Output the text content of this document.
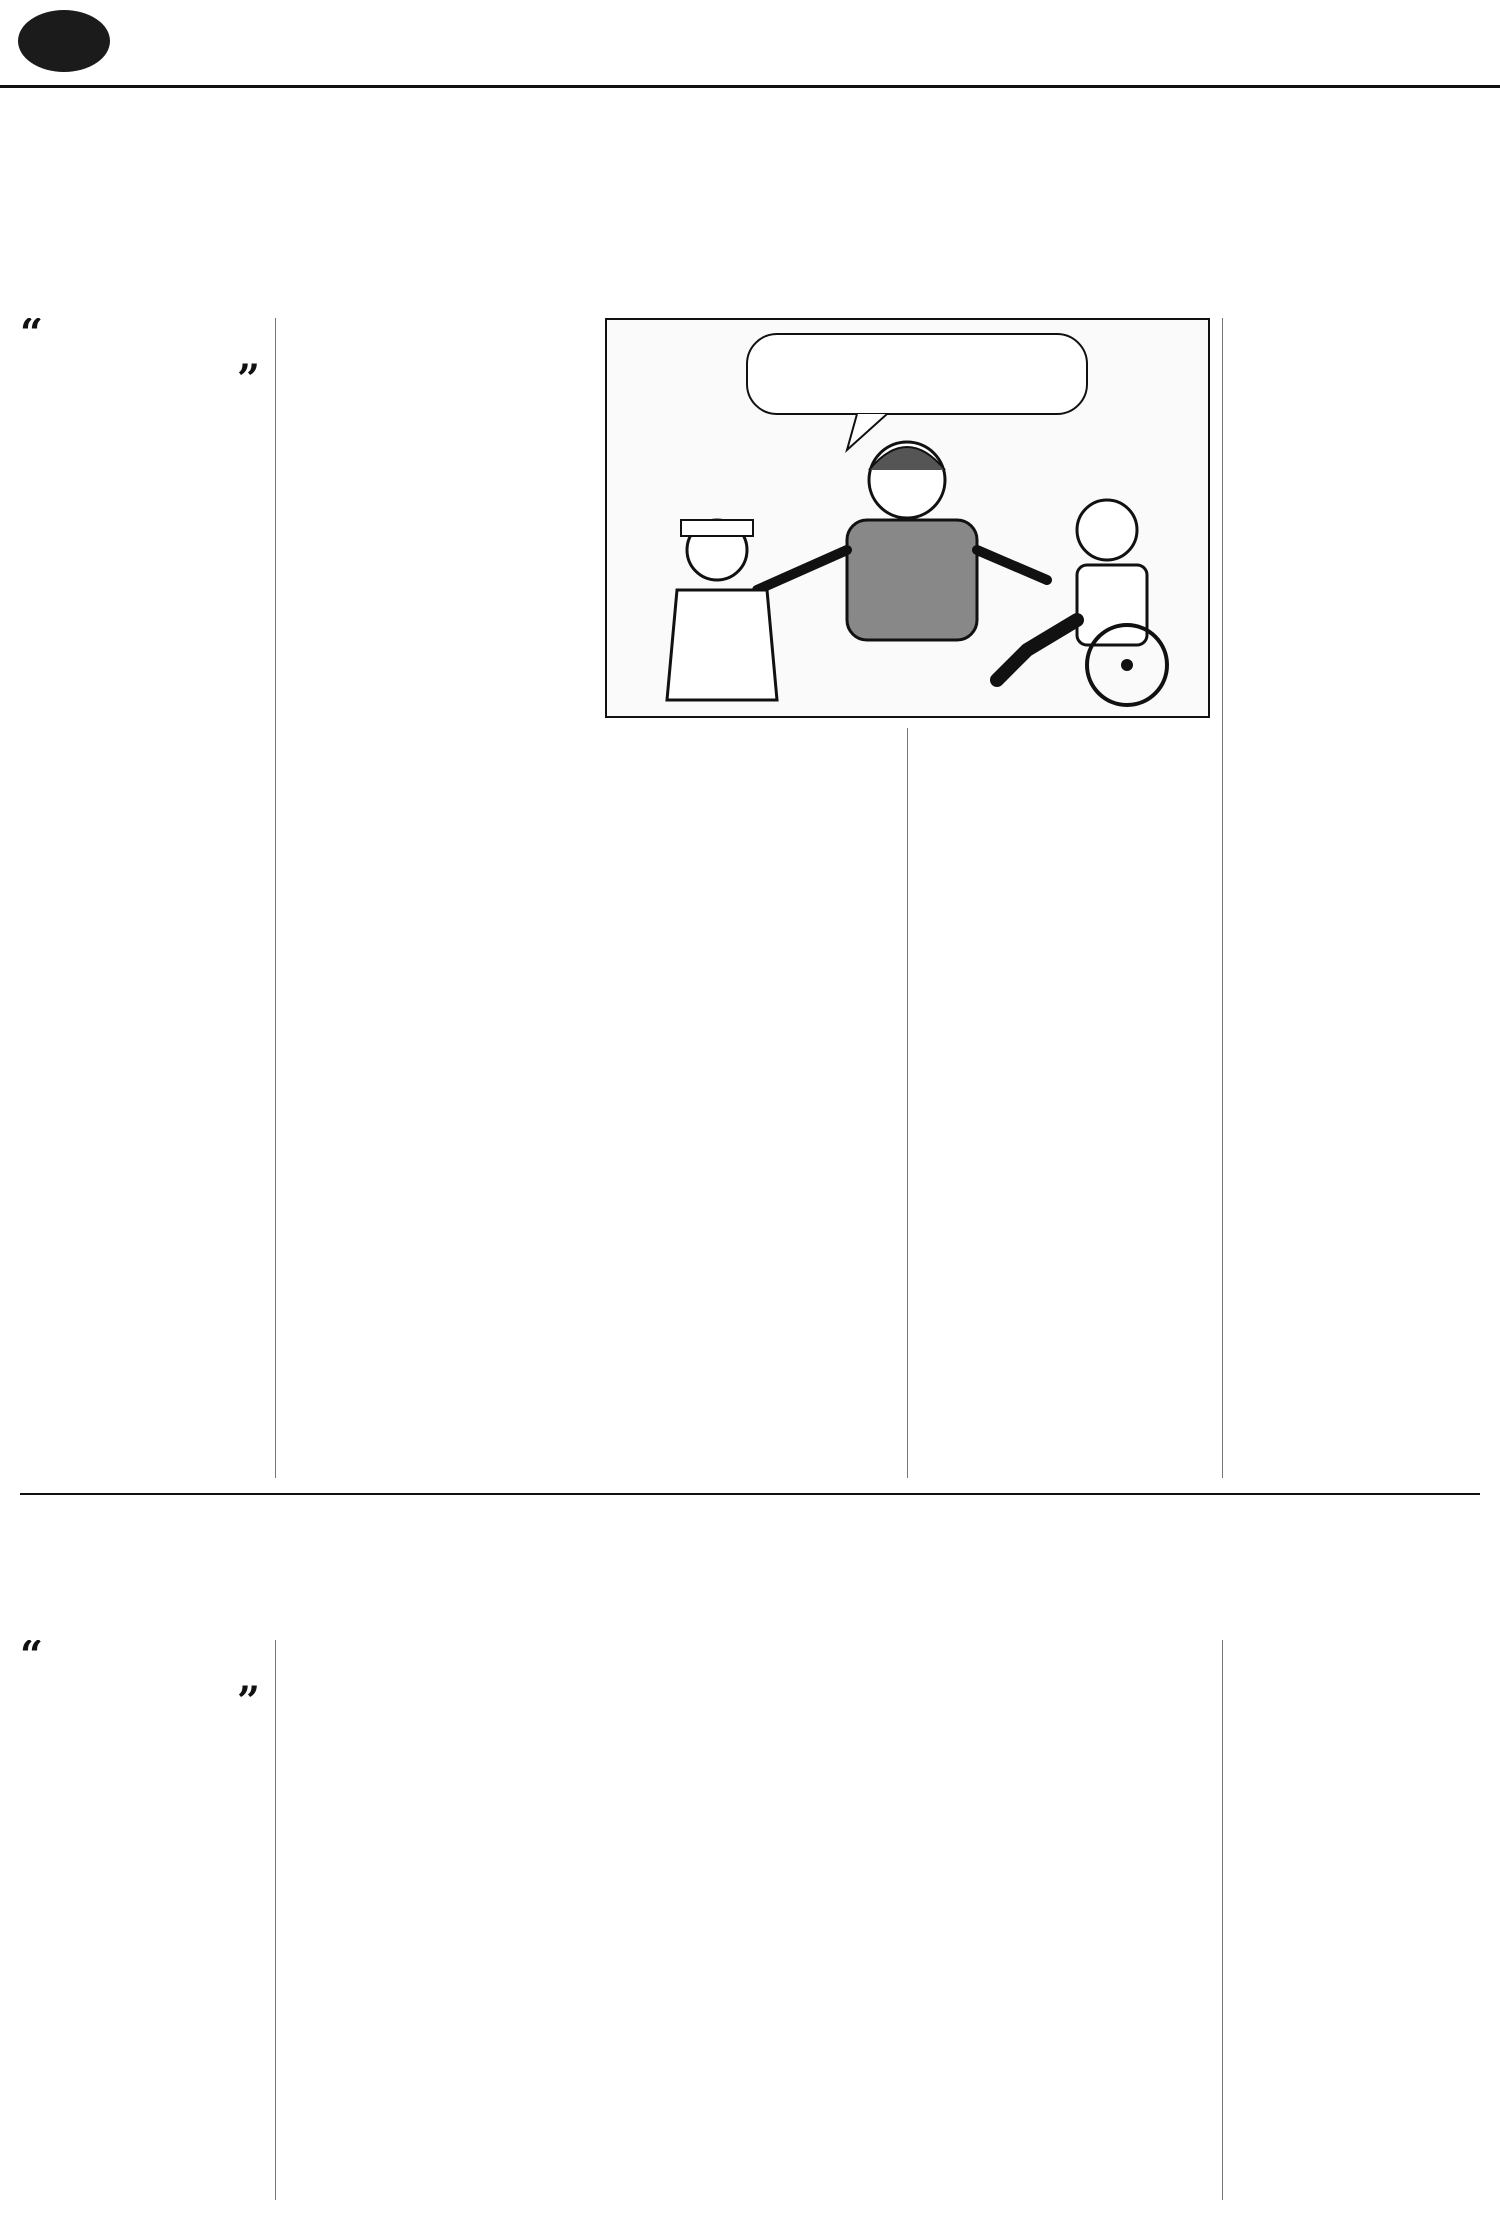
“
”
“
”
